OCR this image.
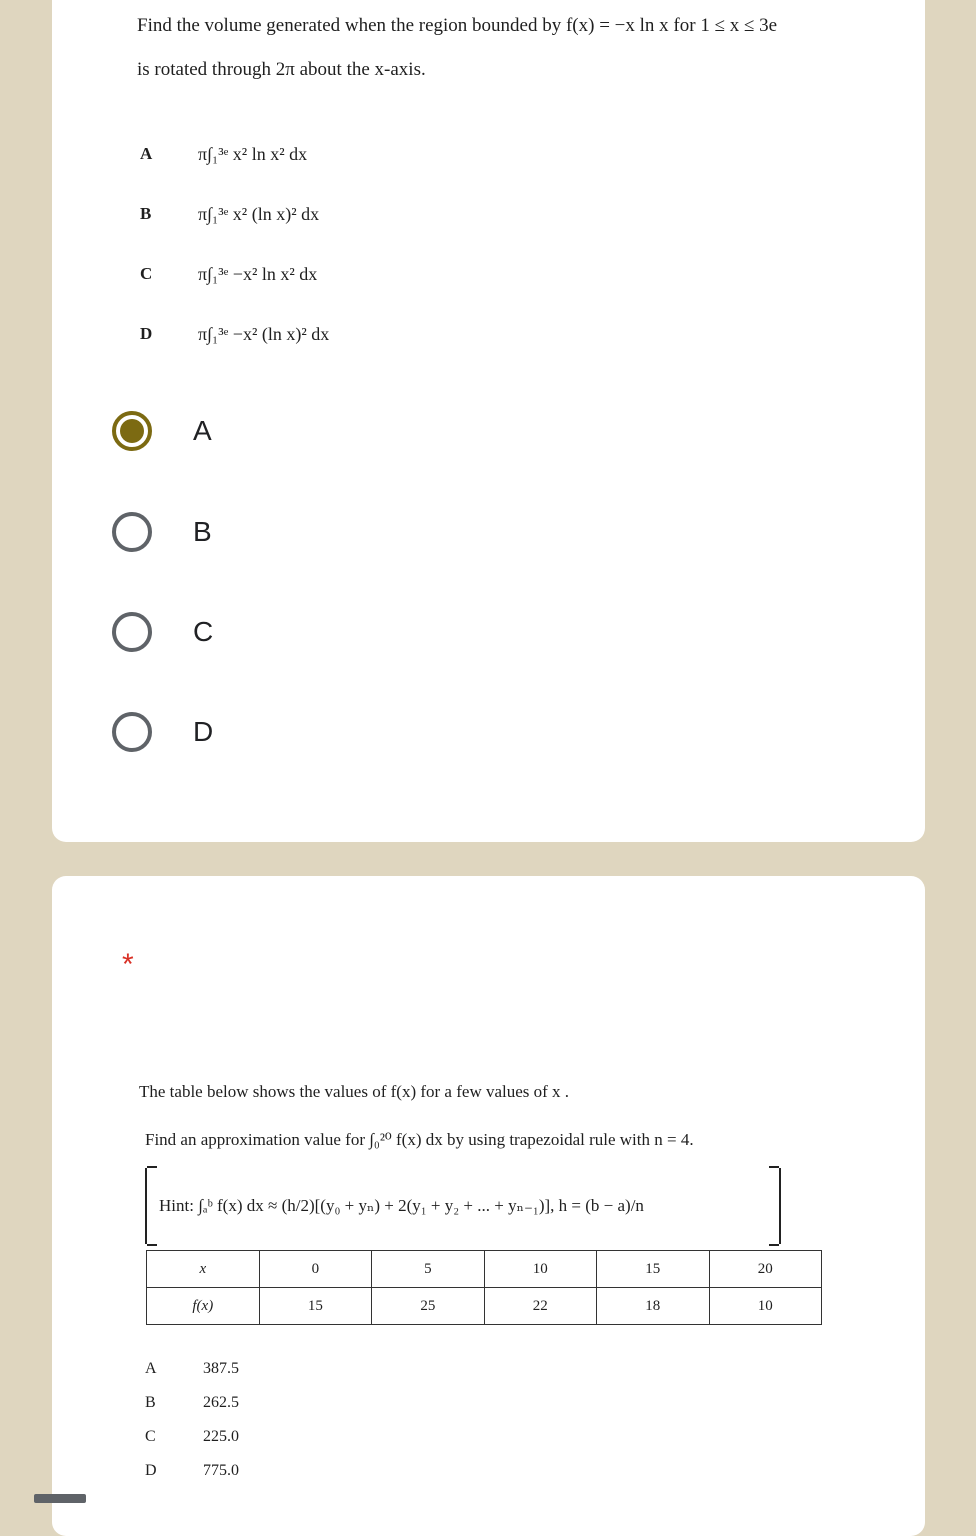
Find the volume generated when the region bounded by f(x) = −x ln x for 1 ≤ x ≤ 3e
is rotated through 2π about the x-axis.
A	π∫₁³ᵉ x² ln x² dx
B	π∫₁³ᵉ x² (ln x)² dx
C	π∫₁³ᵉ −x² ln x² dx
D	π∫₁³ᵉ −x² (ln x)² dx
A
B
C
D
*
The table below shows the values of f(x) for a few values of x .
Find an approximation value for ∫₀²⁰ f(x) dx by using trapezoidal rule with n = 4.
Hint: ∫ₐᵇ f(x) dx ≈ (h/2)[(y₀ + yₙ) + 2(y₁ + y₂ + ... + yₙ₋₁)], h = (b − a)/n
x	0	5	10	15	20
f(x)	15	25	22	18	10
A	387.5
B	262.5
C	225.0
D	775.0
